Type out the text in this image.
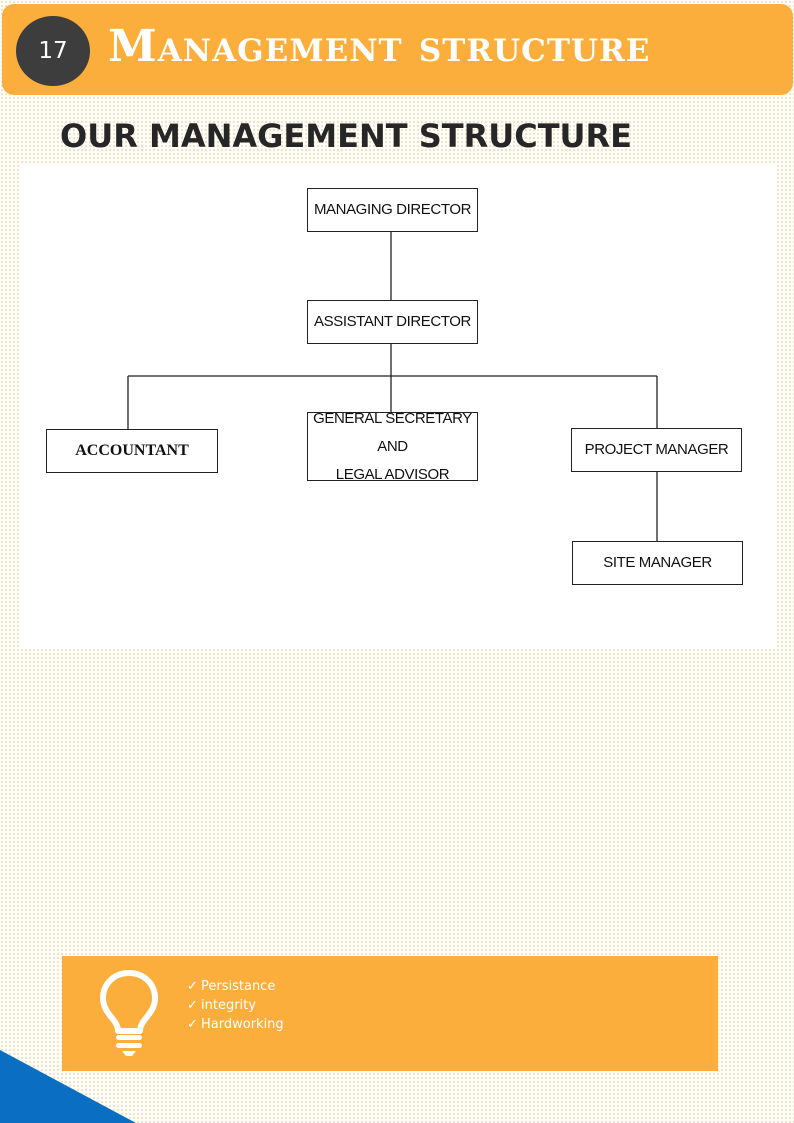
17 Management structure
OUR MANAGEMENT STRUCTURE
MANAGING DIRECTOR
ASSISTANT DIRECTOR
ACCOUNTANT
GENERAL SECRETARY AND
LEGAL ADVISOR
PROJECT MANAGER
SITE MANAGER
✓ Persistance
✓ integrity
✓ Hardworking
